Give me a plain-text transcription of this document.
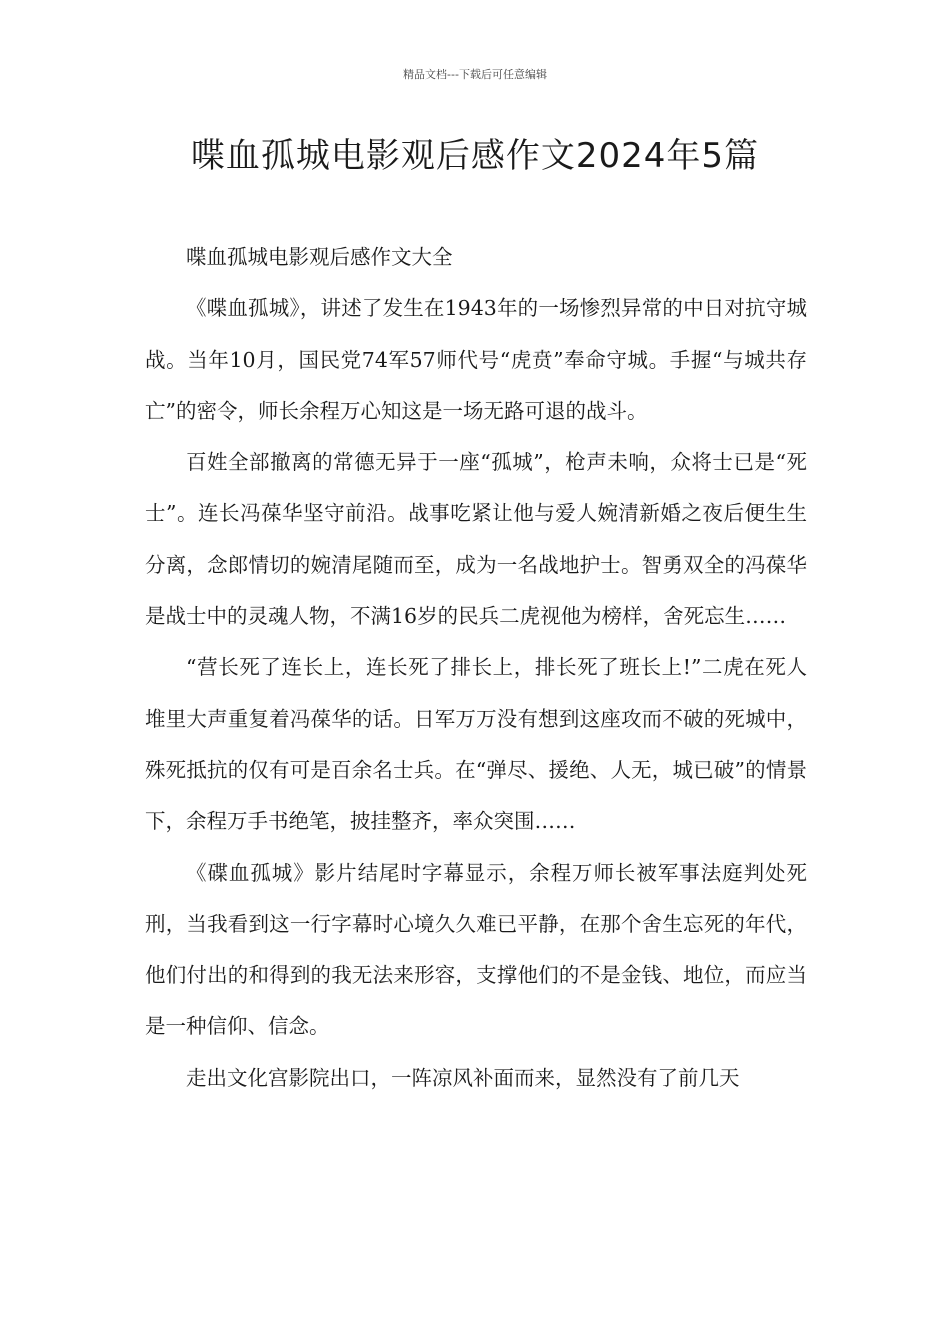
精品文档---下载后可任意编辑
喋血孤城电影观后感作文2024年5篇

喋血孤城电影观后感作文大全

《喋血孤城》，讲述了发生在1943年的一场惨烈异常的中日对抗守城战。当年10月，国民党74军57师代号“虎贲”奉命守城。手握“与城共存亡”的密令，师长余程万心知这是一场无路可退的战斗。

百姓全部撤离的常德无异于一座“孤城”，枪声未响，众将士已是“死士”。连长冯葆华坚守前沿。战事吃紧让他与爱人婉清新婚之夜后便生生分离，念郎情切的婉清尾随而至，成为一名战地护士。智勇双全的冯葆华是战士中的灵魂人物，不满16岁的民兵二虎视他为榜样，舍死忘生……

“营长死了连长上，连长死了排长上，排长死了班长上!”二虎在死人堆里大声重复着冯葆华的话。日军万万没有想到这座攻而不破的死城中，殊死抵抗的仅有可是百余名士兵。在“弹尽、援绝、人无，城已破”的情景下，余程万手书绝笔，披挂整齐，率众突围……

《碟血孤城》影片结尾时字幕显示，余程万师长被军事法庭判处死刑，当我看到这一行字幕时心境久久难已平静，在那个舍生忘死的年代，他们付出的和得到的我无法来形容，支撑他们的不是金钱、地位，而应当是一种信仰、信念。

走出文化宫影院出口，一阵凉风补面而来，显然没有了前几天
